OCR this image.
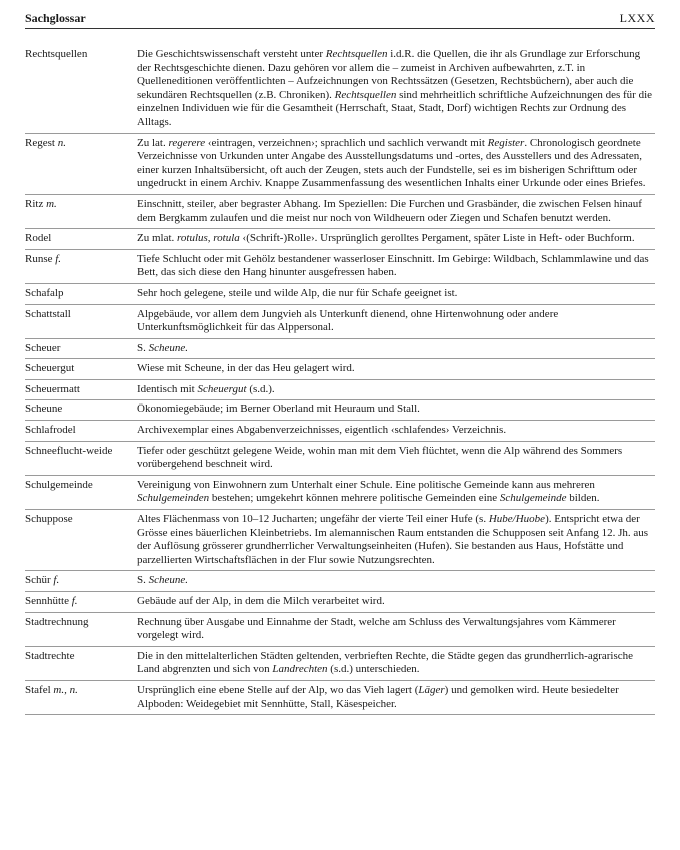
Sachglossar	LXXX
Rechtsquellen	Die Geschichtswissenschaft versteht unter Rechtsquellen i.d.R. die Quellen, die ihr als Grundlage zur Erforschung der Rechtsgeschichte dienen. Dazu gehören vor allem die – zumeist in Archiven aufbewahrten, z.T. in Quelleneditionen veröffentlichten – Aufzeichnungen von Rechtssätzen (Gesetzen, Rechtsbüchern), aber auch die sekundären Rechtsquellen (z.B. Chroniken). Rechtsquellen sind mehrheitlich schriftliche Aufzeichnungen des für die einzelnen Individuen wie für die Gesamtheit (Herrschaft, Staat, Stadt, Dorf) wichtigen Rechts zur Ordnung des Alltags.
Regest n.	Zu lat. regerere ‹eintragen, verzeichnen›; sprachlich und sachlich verwandt mit Register. Chronologisch geordnete Verzeichnisse von Urkunden unter Angabe des Ausstellungsdatums und -ortes, des Ausstellers und des Adressaten, einer kurzen Inhaltsübersicht, oft auch der Zeugen, stets auch der Fundstelle, sei es im bisherigen Schrifttum oder ungedruckt in einem Archiv. Knappe Zusammenfassung des wesentlichen Inhalts einer Urkunde oder eines Briefes.
Ritz m.	Einschnitt, steiler, aber begraster Abhang. Im Speziellen: Die Furchen und Grasbänder, die zwischen Felsen hinauf dem Bergkamm zulaufen und die meist nur noch von Wildheuern oder Ziegen und Schafen benutzt werden.
Rodel	Zu mlat. rotulus, rotula ‹(Schrift-)Rolle›. Ursprünglich gerolltes Pergament, später Liste in Heft- oder Buchform.
Runse f.	Tiefe Schlucht oder mit Gehölz bestandener wasserloser Einschnitt. Im Gebirge: Wildbach, Schlammlawine und das Bett, das sich diese den Hang hinunter ausgefressen haben.
Schafalp	Sehr hoch gelegene, steile und wilde Alp, die nur für Schafe geeignet ist.
Schattstall	Alpgebäude, vor allem dem Jungvieh als Unterkunft dienend, ohne Hirtenwohnung oder andere Unterkunftsmöglichkeit für das Alppersonal.
Scheuer	S. Scheune.
Scheuergut	Wiese mit Scheune, in der das Heu gelagert wird.
Scheuermatt	Identisch mit Scheuergut (s.d.).
Scheune	Ökonomiegebäude; im Berner Oberland mit Heuraum und Stall.
Schlafrodel	Archivexemplar eines Abgabenverzeichnisses, eigentlich ‹schlafendes› Verzeichnis.
Schneeflucht-weide	Tiefer oder geschützt gelegene Weide, wohin man mit dem Vieh flüchtet, wenn die Alp während des Sommers vorübergehend beschneit wird.
Schulgemeinde	Vereinigung von Einwohnern zum Unterhalt einer Schule. Eine politische Gemeinde kann aus mehreren Schulgemeinden bestehen; umgekehrt können mehrere politische Gemeinden eine Schulgemeinde bilden.
Schuppose	Altes Flächenmass von 10–12 Jucharten; ungefähr der vierte Teil einer Hufe (s. Hube/Huobe). Entspricht etwa der Grösse eines bäuerlichen Kleinbetriebs. Im alemannischen Raum entstanden die Schupposen seit Anfang 12. Jh. aus der Auflösung grösserer grundherrlicher Verwaltungseinheiten (Hufen). Sie bestanden aus Haus, Hofstätte und parzellierten Wirtschaftsflächen in der Flur sowie Nutzungsrechten.
Schür f.	S. Scheune.
Sennhütte f.	Gebäude auf der Alp, in dem die Milch verarbeitet wird.
Stadtrechnung	Rechnung über Ausgabe und Einnahme der Stadt, welche am Schluss des Verwaltungsjahres vom Kämmerer vorgelegt wird.
Stadtrechte	Die in den mittelalterlichen Städten geltenden, verbrieften Rechte, die Städte gegen das grundherrlich-agrarische Land abgrenzten und sich von Landrechten (s.d.) unterschieden.
Stafel m., n.	Ursprünglich eine ebene Stelle auf der Alp, wo das Vieh lagert (Läger) und gemolken wird. Heute besiedelter Alpboden: Weidegebiet mit Sennhütte, Stall, Käsespeicher.
